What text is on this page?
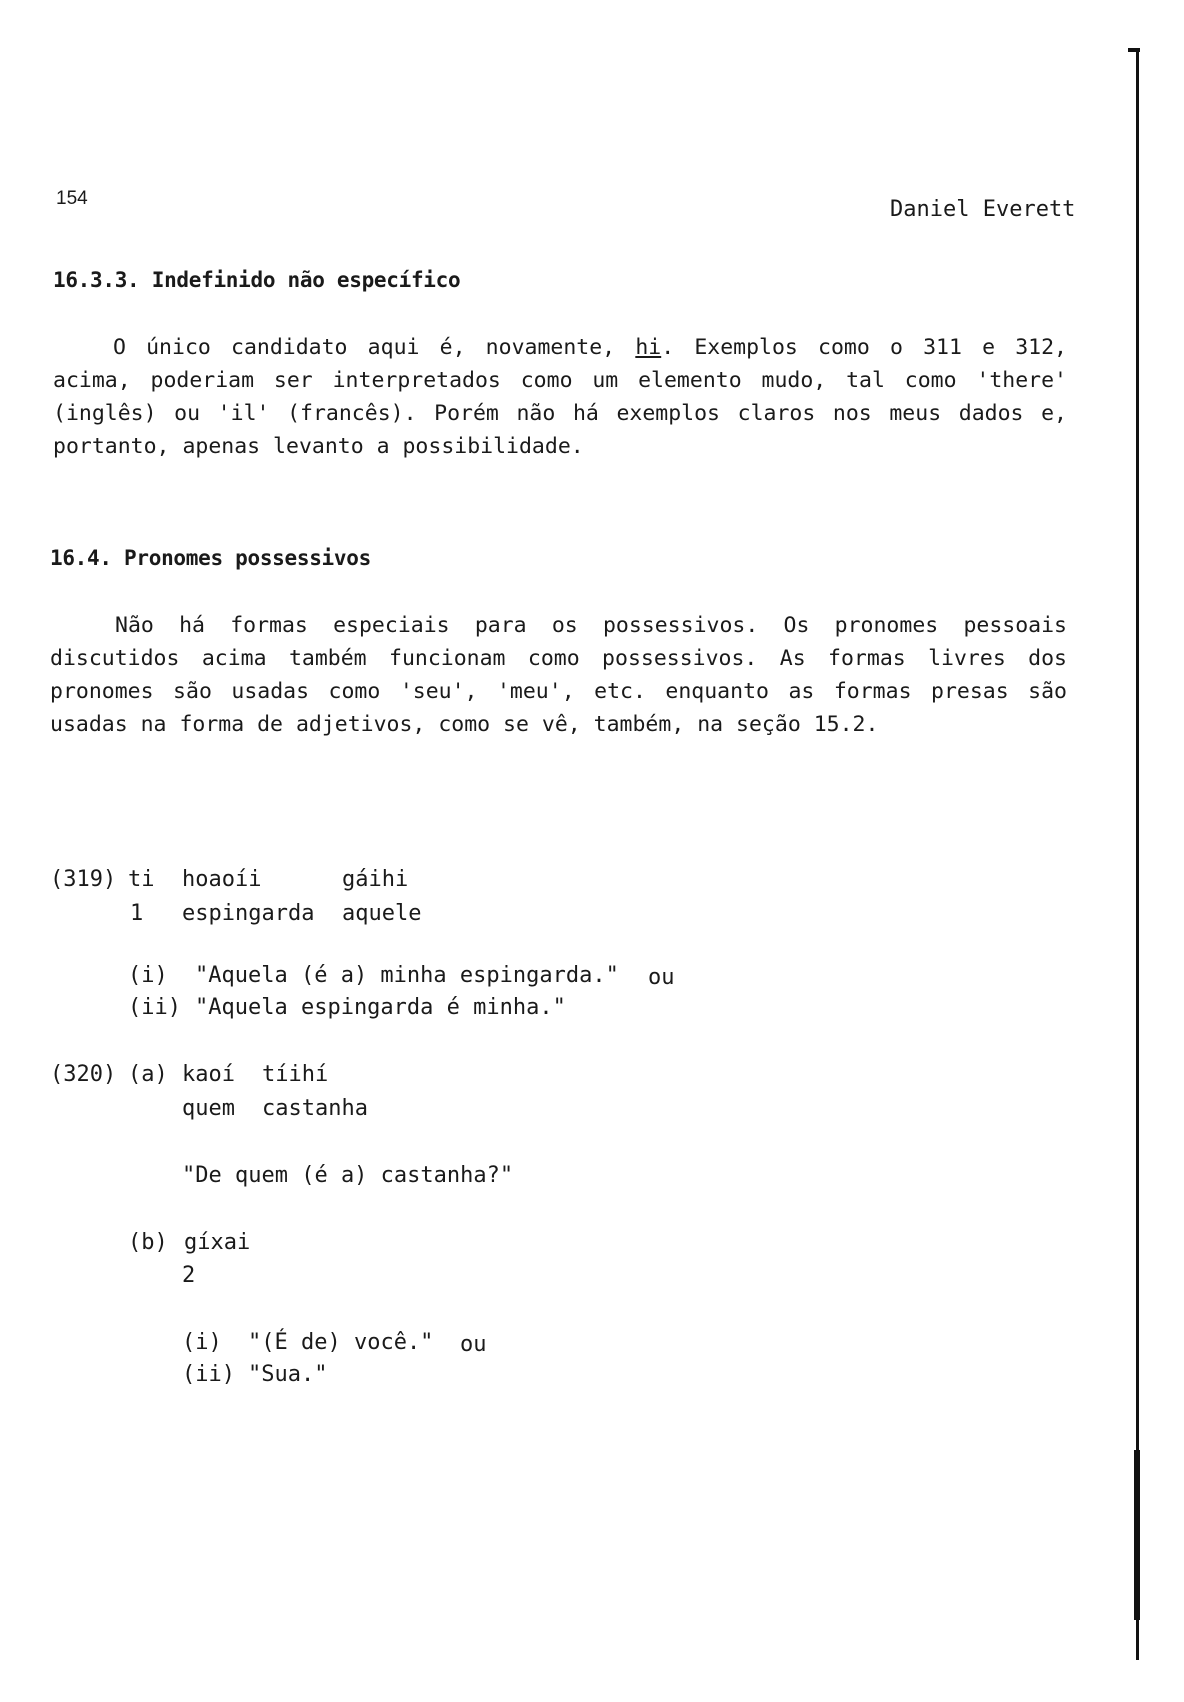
154	Daniel Everett
16.3.3. Indefinido não específico
O único candidato aqui é, novamente, hi. Exemplos como o 311 e 312,
acima, poderiam ser interpretados como um elemento mudo, tal como 'there'
(inglês) ou 'il' (francês). Porém não há exemplos claros nos meus dados e,
portanto, apenas levanto a possibilidade.
16.4. Pronomes possessivos
Não há formas especiais para os possessivos. Os pronomes pessoais
discutidos acima também funcionam como possessivos. As formas livres dos
pronomes são usadas como 'seu', 'meu', etc. enquanto as formas presas são
usadas na forma de adjetivos, como se vê, também, na seção 15.2.
(319) ti hoaoíi	gáihi
1 espingarda aquele
(i) "Aquela (é a) minha espingarda." ou
(ii) "Aquela espingarda é minha."
(320) (a) kaoí tíihí
quem castanha
"De quem (é a) castanha?"
(b) gíxai
2
(i) "(É de) você." ou
(ii) "Sua."
